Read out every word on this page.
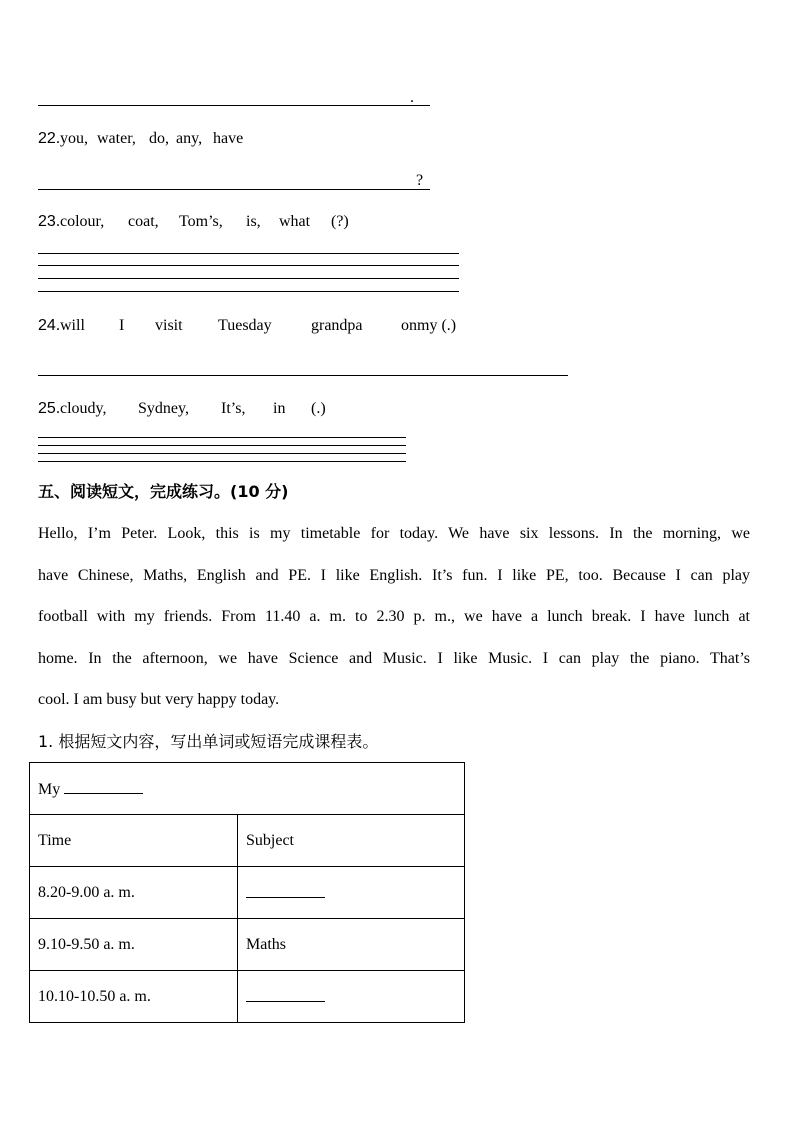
.
22 . you, water, do, any, have
?
23 . colour, coat, Tom’s, is, what (?)
24 . will I visit Tuesday grandpa onmy (.)
25 . cloudy, Sydney, It’s, in (.)
五、阅读短文，完成练习。(10 分)
Hello, I’m Peter. Look, this is my timetable for today. We have six lessons. In the morning, we
have Chinese, Maths, English and PE. I like English. It’s fun. I like PE, too. Because I can play
football with my friends. From 11.40 a. m. to 2.30 p. m., we have a lunch break. I have lunch at
home. In the afternoon, we have Science and Music. I like Music. I can play the piano. That’s
cool. I am busy but very happy today.
1. 根据短文内容，写出单词或短语完成课程表。
My	
Time	Subject
8.20-9.00 a. m.	
9.10-9.50 a. m.	Maths
10.10-10.50 a. m.	
